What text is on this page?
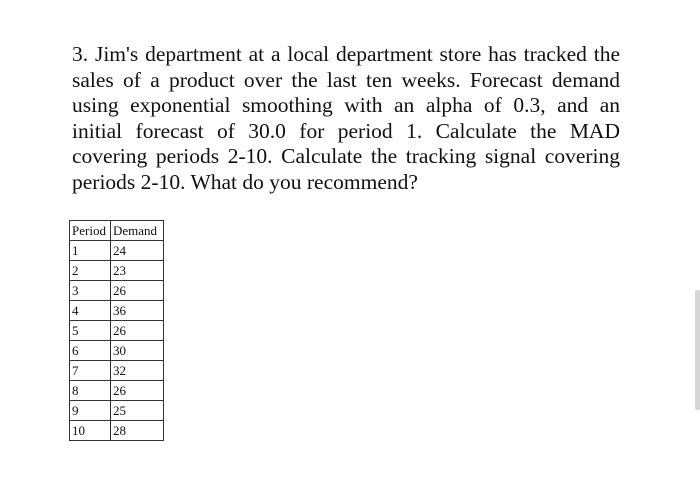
3. Jim's department at a local department store has tracked the sales of a product over the last ten weeks. Forecast demand using exponential smoothing with an alpha of 0.3, and an initial forecast of 30.0 for period 1. Calculate the MAD covering periods 2-10. Calculate the tracking signal covering periods 2-10. What do you recommend?

Period	Demand
1	24
2	23
3	26
4	36
5	26
6	30
7	32
8	26
9	25
10	28
